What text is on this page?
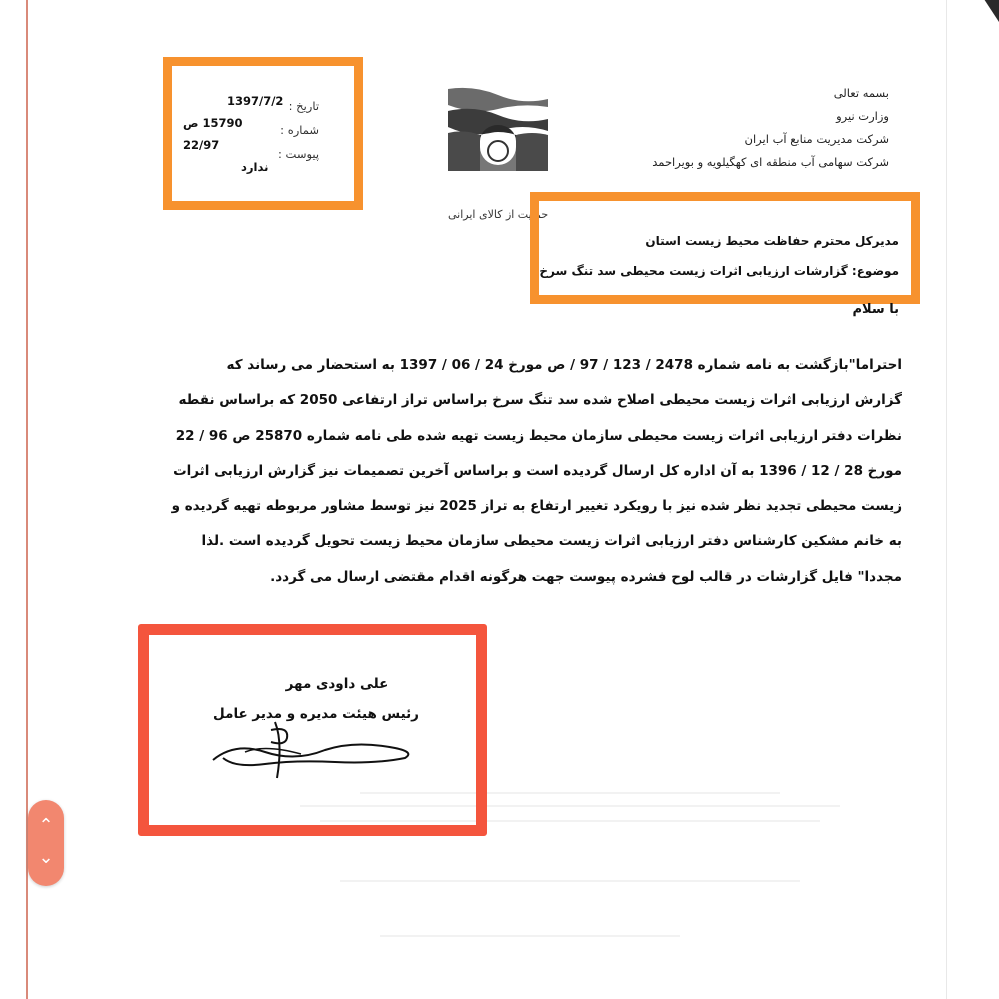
بسمه تعالی
وزارت نیرو
شرکت مدیریت منابع آب ایران
شرکت سهامی آب منطقه ای کهگیلویه و بویراحمد
حمایت از کالای ایرانی
تاریخ :
شماره :
پیوست :
1397/7/2
15790 ص 22/97
ندارد
مدیرکل محترم حفاظت محیط زیست استان
موضوع: گزارشات ارزیابی اثرات زیست محیطی سد تنگ سرخ
با سلام
احتراما"بازگشت به نامه شماره 2478 / 123 / 97 / ص مورخ 24 / 06 / 1397 به استحضار می رساند که
گزارش ارزیابی اثرات زیست محیطی اصلاح شده سد تنگ سرخ براساس تراز ارتفاعی 2050 که براساس نقطه
نظرات دفتر ارزیابی اثرات زیست محیطی سازمان محیط زیست تهیه شده طی نامه شماره 25870 ص 96 / 22
مورخ 28 / 12 / 1396 به آن اداره کل ارسال گردیده است و براساس آخرین تصمیمات نیز گزارش ارزیابی اثرات
زیست محیطی تجدید نظر شده نیز با رویکرد تغییر ارتفاع به تراز 2025 نیز توسط مشاور مربوطه تهیه گردیده و
به خانم مشکین کارشناس دفتر ارزیابی اثرات زیست محیطی سازمان محیط زیست تحویل گردیده است .لذا
مجددا" فایل گزارشات در قالب لوح فشرده پیوست جهت هرگونه اقدام مقتضی ارسال می گردد.
علی داودی مهر
رئیس هیئت مدیره و مدیر عامل
⌃
⌄
